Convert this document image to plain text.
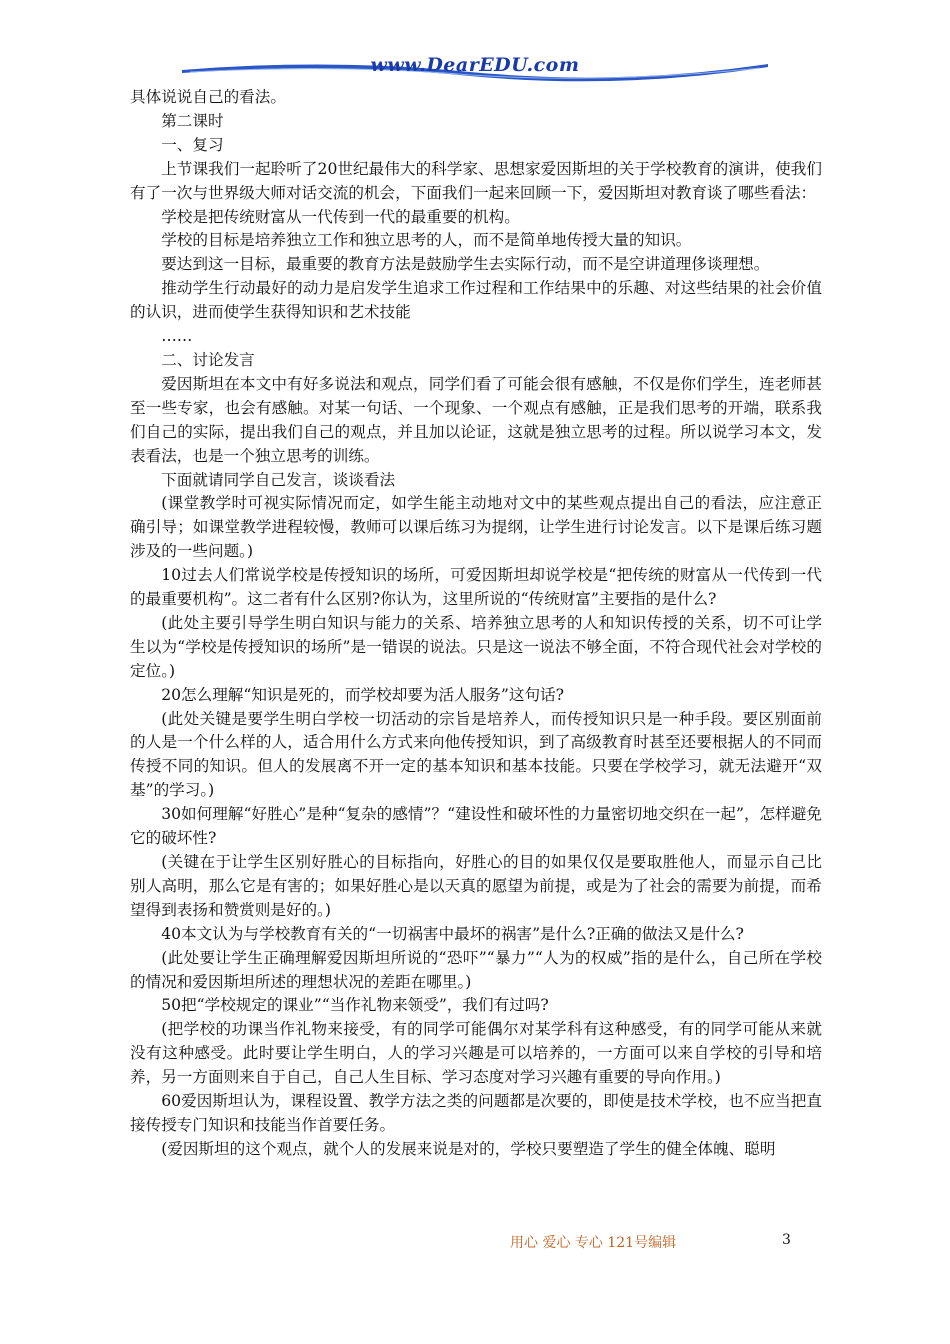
www.DearEDU.com

具体说说自己的看法。

第二课时

一、复习

上节课我们一起聆听了20世纪最伟大的科学家、思想家爱因斯坦的关于学校教育的演讲，使我们有了一次与世界级大师对话交流的机会，下面我们一起来回顾一下，爱因斯坦对教育谈了哪些看法：

学校是把传统财富从一代传到一代的最重要的机构。

学校的目标是培养独立工作和独立思考的人，而不是简单地传授大量的知识。

要达到这一目标，最重要的教育方法是鼓励学生去实际行动，而不是空讲道理侈谈理想。

推动学生行动最好的动力是启发学生追求工作过程和工作结果中的乐趣、对这些结果的社会价值的认识，进而使学生获得知识和艺术技能

……

二、讨论发言

爱因斯坦在本文中有好多说法和观点，同学们看了可能会很有感触，不仅是你们学生，连老师甚至一些专家，也会有感触。对某一句话、一个现象、一个观点有感触，正是我们思考的开端，联系我们自己的实际，提出我们自己的观点，并且加以论证，这就是独立思考的过程。所以说学习本文，发表看法，也是一个独立思考的训练。

下面就请同学自己发言，谈谈看法

(课堂教学时可视实际情况而定，如学生能主动地对文中的某些观点提出自己的看法，应注意正确引导；如课堂教学进程较慢，教师可以课后练习为提纲，让学生进行讨论发言。以下是课后练习题涉及的一些问题。)

10过去人们常说学校是传授知识的场所，可爱因斯坦却说学校是“把传统的财富从一代传到一代的最重要机构”。这二者有什么区别?你认为，这里所说的“传统财富”主要指的是什么?

(此处主要引导学生明白知识与能力的关系、培养独立思考的人和知识传授的关系，切不可让学生以为“学校是传授知识的场所”是一错误的说法。只是这一说法不够全面，不符合现代社会对学校的定位。)

20怎么理解“知识是死的，而学校却要为活人服务”这句话?

(此处关键是要学生明白学校一切活动的宗旨是培养人，而传授知识只是一种手段。要区别面前的人是一个什么样的人，适合用什么方式来向他传授知识，到了高级教育时甚至还要根据人的不同而传授不同的知识。但人的发展离不开一定的基本知识和基本技能。只要在学校学习，就无法避开“双基”的学习。)

30如何理解“好胜心”是种“复杂的感情”？“建设性和破坏性的力量密切地交织在一起”，怎样避免它的破坏性?

(关键在于让学生区别好胜心的目标指向，好胜心的目的如果仅仅是要取胜他人，而显示自己比别人高明，那么它是有害的；如果好胜心是以天真的愿望为前提，或是为了社会的需要为前提，而希望得到表扬和赞赏则是好的。)

40本文认为与学校教育有关的“一切祸害中最坏的祸害”是什么?正确的做法又是什么?

(此处要让学生正确理解爱因斯坦所说的“恐吓”“暴力”“人为的权威”指的是什么，自己所在学校的情况和爱因斯坦所述的理想状况的差距在哪里。)

50把“学校规定的课业”“当作礼物来领受”，我们有过吗?

(把学校的功课当作礼物来接受，有的同学可能偶尔对某学科有这种感受，有的同学可能从来就没有这种感受。此时要让学生明白，人的学习兴趣是可以培养的，一方面可以来自学校的引导和培养，另一方面则来自于自己，自己人生目标、学习态度对学习兴趣有重要的导向作用。)

60爱因斯坦认为，课程设置、教学方法之类的问题都是次要的，即使是技术学校，也不应当把直接传授专门知识和技能当作首要任务。

(爱因斯坦的这个观点，就个人的发展来说是对的，学校只要塑造了学生的健全体魄、聪明

用心 爱心 专心 121号编辑	3
